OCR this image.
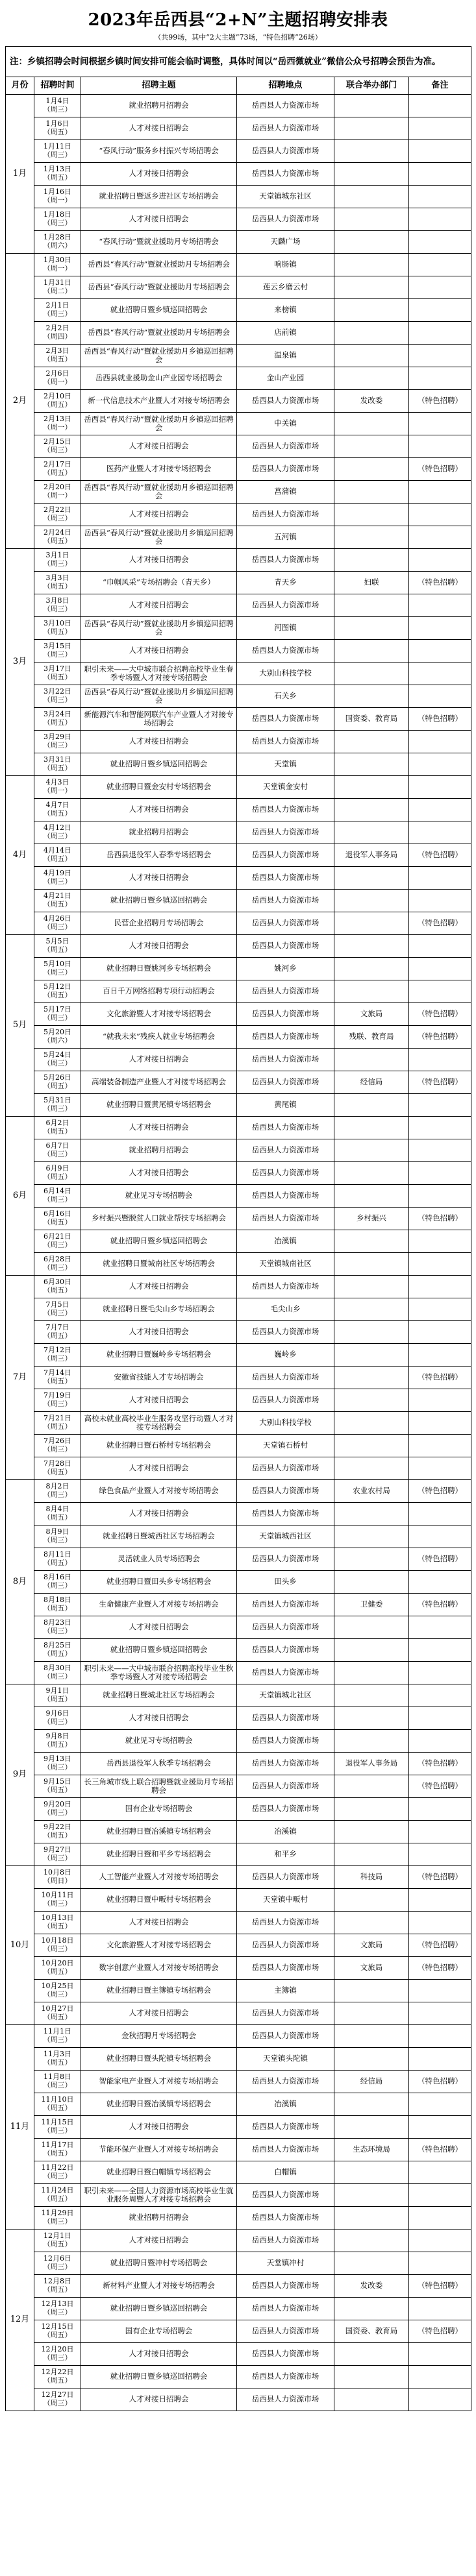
2023年岳西县“2+N”主题招聘安排表
（共99场，其中“2大主题”73场，“特色招聘”26场）
注：乡镇招聘会时间根据乡镇时间安排可能会临时调整，具体时间以“岳西微就业”微信公众号招聘会预告为准。					
月份	招聘时间	招聘主题	招聘地点	联合举办部门	备注
1月	1月4日
（周三）	就业招聘月招聘会	岳西县人力资源市场		
	1月6日
（周五）	人才对接日招聘会	岳西县人力资源市场		
	1月11日
（周三）	“春风行动”服务乡村振兴专场招聘会	岳西县人力资源市场		
	1月13日
（周五）	人才对接日招聘会	岳西县人力资源市场		
	1月16日
（周一）	就业招聘日暨返乡进社区专场招聘会	天堂镇城东社区		
	1月18日
（周三）	人才对接日招聘会	岳西县人力资源市场		
	1月28日
（周六）	“春风行动”暨就业援助月专场招聘会	天麟广场		
2月	1月30日
（周一）	岳西县“春风行动”暨就业援助月专场招聘会	响肠镇		
	1月31日
（周二）	岳西县“春风行动”暨就业援助月专场招聘会	莲云乡磨云村		
	2月1日
（周三）	就业招聘日暨乡镇巡回招聘会	来榜镇		
	2月2日
（周四）	岳西县“春风行动”暨就业援助月专场招聘会	店前镇		
	2月3日
（周五）	岳西县“春风行动”暨就业援助月乡镇巡回招聘会	温泉镇		
	2月6日
（周一）	岳西县就业援助金山产业园专场招聘会	金山产业园		
	2月10日
（周五）	新一代信息技术产业暨人才对接专场招聘会	岳西县人力资源市场	发改委	（特色招聘）
	2月13日
（周一）	岳西县“春风行动”暨就业援助月乡镇巡回招聘会	中关镇		
	2月15日
（周三）	人才对接日招聘会	岳西县人力资源市场		
	2月17日
（周五）	医药产业暨人才对接专场招聘会	岳西县人力资源市场		（特色招聘）
	2月20日
（周一）	岳西县“春风行动”暨就业援助月乡镇巡回招聘会	菖蒲镇		
	2月22日
（周三）	人才对接日招聘会	岳西县人力资源市场		
	2月24日
（周五）	岳西县“春风行动”暨就业援助月乡镇巡回招聘会	五河镇		
3月	3月1日
（周三）	人才对接日招聘会	岳西县人力资源市场		
	3月3日
（周五）	“巾帼风采”专场招聘会（青天乡）	青天乡	妇联	（特色招聘）
	3月8日
（周三）	人才对接日招聘会	岳西县人力资源市场		
	3月10日
（周五）	岳西县“春风行动”暨就业援助月乡镇巡回招聘会	河图镇		
	3月15日
（周三）	人才对接日招聘会	岳西县人力资源市场		
	3月17日
（周五）	职引未来——大中城市联合招聘高校毕业生春季专场暨人才对接专场招聘会	大别山科技学校		
	3月22日
（周三）	岳西县“春风行动”暨就业援助月乡镇巡回招聘会	石关乡		
	3月24日
（周五）	新能源汽车和智能网联汽车产业暨人才对接专场招聘会	岳西县人力资源市场	国资委、教育局	（特色招聘）
	3月29日
（周三）	人才对接日招聘会	岳西县人力资源市场		
	3月31日
（周五）	就业招聘日暨乡镇巡回招聘会	天堂镇		
4月	4月3日
（周一）	就业招聘日暨金安村专场招聘会	天堂镇金安村		
	4月7日
（周五）	人才对接日招聘会	岳西县人力资源市场		
	4月12日
（周三）	就业招聘月招聘会	岳西县人力资源市场		
	4月14日
（周五）	岳西县退役军人春季专场招聘会	岳西县人力资源市场	退役军人事务局	（特色招聘）
	4月19日
（周三）	人才对接日招聘会	岳西县人力资源市场		
	4月21日
（周五）	就业招聘日暨乡镇巡回招聘会	岳西县人力资源市场		
	4月26日
（周三）	民营企业招聘月专场招聘会	岳西县人力资源市场		（特色招聘）
5月	5月5日
（周五）	人才对接日招聘会	岳西县人力资源市场		
	5月10日
（周三）	就业招聘日暨姚河乡专场招聘会	姚河乡		
	5月12日
（周五）	百日千万网络招聘专项行动招聘会	岳西县人力资源市场		
	5月17日
（周三）	文化旅游暨人才对接专场招聘会	岳西县人力资源市场	文旅局	（特色招聘）
	5月20日
（周六）	“就我未来”残疾人就业专场招聘会	岳西县人力资源市场	残联、教育局	（特色招聘）
	5月24日
（周三）	人才对接日招聘会	岳西县人力资源市场		
	5月26日
（周五）	高端装备制造产业暨人才对接专场招聘会	岳西县人力资源市场	经信局	（特色招聘）
	5月31日
（周三）	就业招聘日暨黄尾镇专场招聘会	黄尾镇		
6月	6月2日
（周五）	人才对接日招聘会	岳西县人力资源市场		
	6月7日
（周三）	就业招聘月招聘会	岳西县人力资源市场		
	6月9日
（周五）	人才对接日招聘会	岳西县人力资源市场		
	6月14日
（周三）	就业见习专场招聘会	岳西县人力资源市场		
	6月16日
（周五）	乡村振兴暨脱贫人口就业帮扶专场招聘会	岳西县人力资源市场	乡村振兴	（特色招聘）
	6月21日
（周三）	就业招聘日暨乡镇巡回招聘会	冶溪镇		
	6月28日
（周三）	就业招聘日暨城南社区专场招聘会	天堂镇城南社区		
7月	6月30日
（周五）	人才对接日招聘会	岳西县人力资源市场		
	7月5日
（周三）	就业招聘日暨毛尖山乡专场招聘会	毛尖山乡		
	7月7日
（周五）	人才对接日招聘会	岳西县人力资源市场		
	7月12日
（周三）	就业招聘日暨巍岭乡专场招聘会	巍岭乡		
	7月14日
（周五）	安徽省技能人才专场招聘会	岳西县人力资源市场		（特色招聘）
	7月19日
（周三）	人才对接日招聘会	岳西县人力资源市场		
	7月21日
（周五）	高校未就业高校毕业生服务攻坚行动暨人才对接专场招聘会	大别山科技学校		
	7月26日
（周三）	就业招聘日暨石桥村专场招聘会	天堂镇石桥村		
	7月28日
（周五）	人才对接日招聘会	岳西县人力资源市场		
8月	8月2日
（周三）	绿色食品产业暨人才对接专场招聘会	岳西县人力资源市场	农业农村局	（特色招聘）
	8月4日
（周五）	人才对接日招聘会	岳西县人力资源市场		
	8月9日
（周三）	就业招聘日暨城西社区专场招聘会	天堂镇城西社区		
	8月11日
（周五）	灵活就业人员专场招聘会	岳西县人力资源市场		（特色招聘）
	8月16日
（周三）	就业招聘日暨田头乡专场招聘会	田头乡		
	8月18日
（周五）	生命健康产业暨人才对接专场招聘会	岳西县人力资源市场	卫健委	（特色招聘）
	8月23日
（周三）	人才对接日招聘会	岳西县人力资源市场		
	8月25日
（周五）	就业招聘日暨乡镇巡回招聘会	岳西县人力资源市场		
	8月30日
（周三）	职引未来——大中城市联合招聘高校毕业生秋季专场暨人才对接专场招聘会	岳西县人力资源市场		
9月	9月1日
（周五）	就业招聘日暨城北社区专场招聘会	天堂镇城北社区		
	9月6日
（周三）	人才对接日招聘会	岳西县人力资源市场		
	9月8日
（周五）	就业见习专场招聘会	岳西县人力资源市场		
	9月13日
（周三）	岳西县退役军人秋季专场招聘会	岳西县人力资源市场	退役军人事务局	（特色招聘）
	9月15日
（周五）	长三角城市线上联合招聘暨就业援助月专场招聘会	岳西县人力资源市场		（特色招聘）
	9月20日
（周三）	国有企业专场招聘会	岳西县人力资源市场		
	9月22日
（周五）	就业招聘日暨冶溪镇专场招聘会	冶溪镇		
	9月27日
（周三）	就业招聘日暨和平乡专场招聘会	和平乡		
10月	10月8日
（周日）	人工智能产业暨人才对接专场招聘会	岳西县人力资源市场	科技局	（特色招聘）
	10月11日
（周三）	就业招聘日暨中畈村专场招聘会	天堂镇中畈村		
	10月13日
（周五）	人才对接日招聘会	岳西县人力资源市场		
	10月18日
（周三）	文化旅游暨人才对接专场招聘会	岳西县人力资源市场	文旅局	（特色招聘）
	10月20日
（周五）	数字创意产业暨人才对接专场招聘会	岳西县人力资源市场	文旅局	（特色招聘）
	10月25日
（周三）	就业招聘日暨主簿镇专场招聘会	主簿镇		
	10月27日
（周五）	人才对接日招聘会	岳西县人力资源市场		
11月	11月1日
（周三）	金秋招聘月专场招聘会	岳西县人力资源市场		
	11月3日
（周五）	就业招聘日暨头陀镇专场招聘会	天堂镇头陀镇		
	11月8日
（周三）	智能家电产业暨人才对接专场招聘会	岳西县人力资源市场	经信局	（特色招聘）
	11月10日
（周五）	就业招聘日暨冶溪镇专场招聘会	冶溪镇		
	11月15日
（周三）	人才对接日招聘会	岳西县人力资源市场		
	11月17日
（周五）	节能环保产业暨人才对接专场招聘会	岳西县人力资源市场	生态环境局	（特色招聘）
	11月22日
（周三）	就业招聘日暨白帽镇专场招聘会	白帽镇		
	11月24日
（周五）	职引未来——全国人力资源市场高校毕业生就业服务周暨人才对接专场招聘会	岳西县人力资源市场		
	11月29日
（周三）	就业招聘月招聘会	岳西县人力资源市场		
12月	12月1日
（周五）	人才对接日招聘会	岳西县人力资源市场		
	12月6日
（周三）	就业招聘日暨冲村专场招聘会	天堂镇冲村		
	12月8日
（周五）	新材料产业暨人才对接专场招聘会	岳西县人力资源市场	发改委	（特色招聘）
	12月13日
（周三）	就业招聘日暨乡镇巡回招聘会	岳西县人力资源市场		
	12月15日
（周五）	国有企业专场招聘会	岳西县人力资源市场	国资委、教育局	（特色招聘）
	12月20日
（周三）	人才对接日招聘会	岳西县人力资源市场		
	12月22日
（周五）	就业招聘日暨乡镇巡回招聘会	岳西县人力资源市场		
	12月27日
（周三）	人才对接日招聘会	岳西县人力资源市场		
